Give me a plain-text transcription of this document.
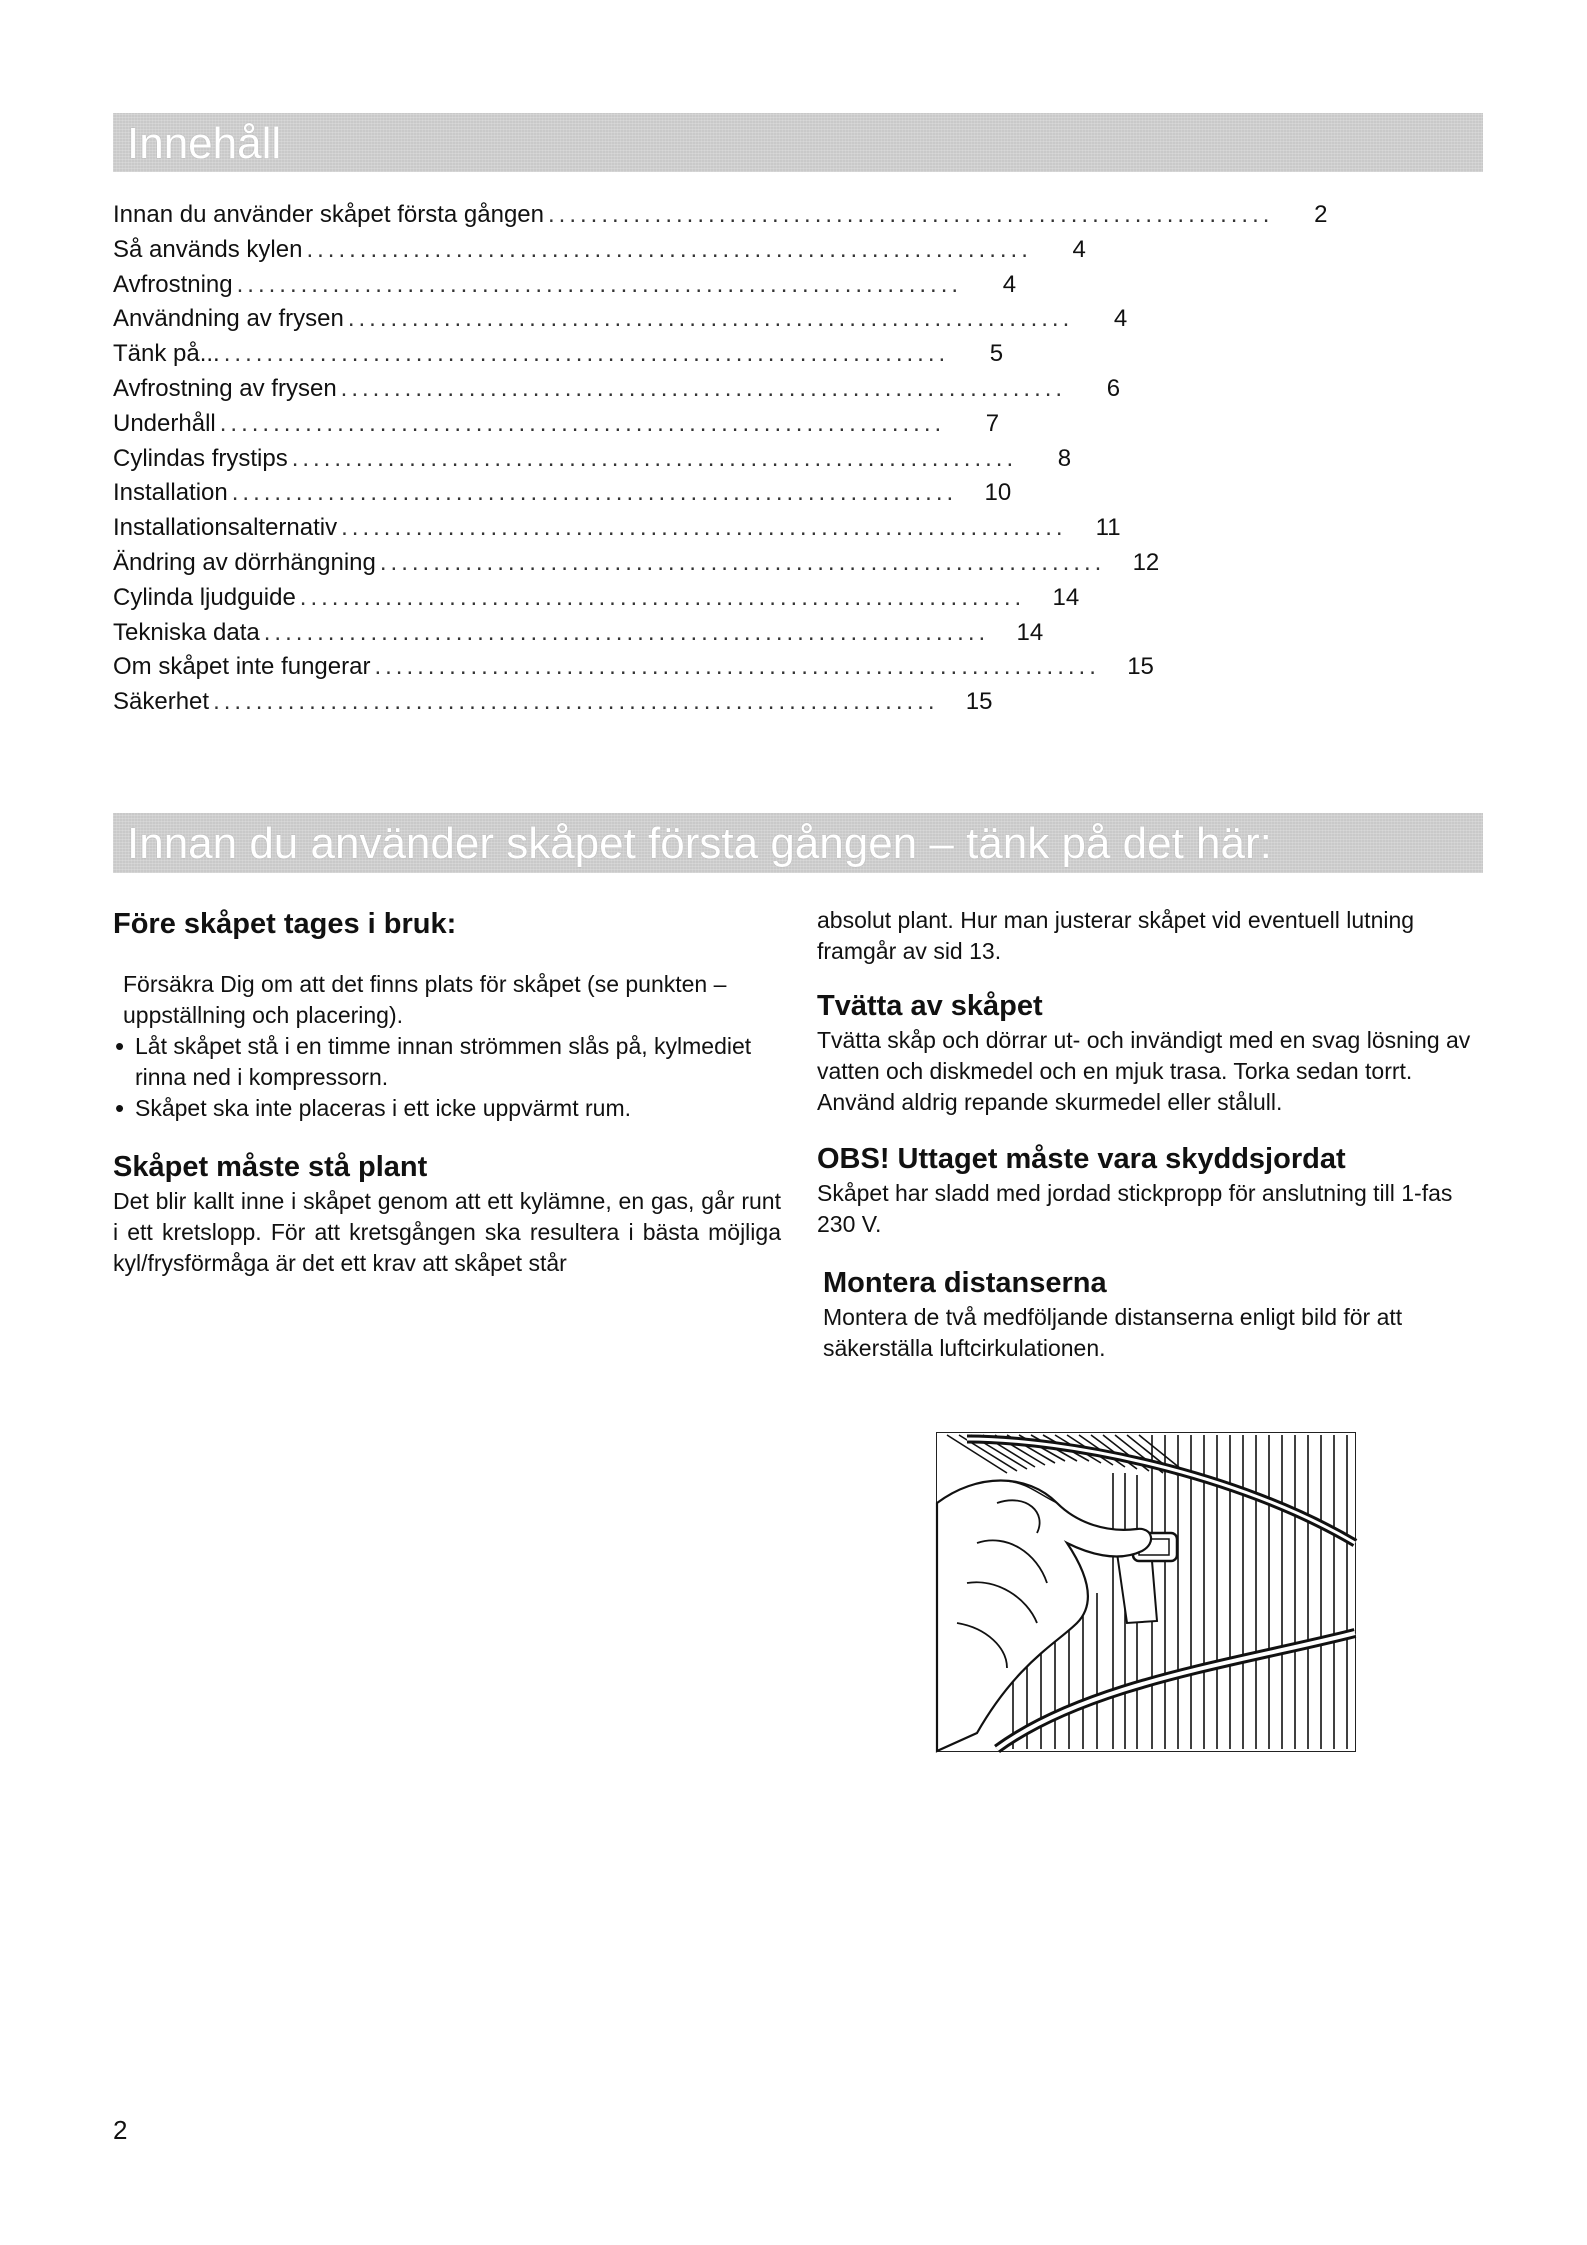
Innehåll
Innan du använder skåpet första gången ....................................................................	2
Så används kylen ....................................................................	4
Avfrostning ....................................................................	4
Användning av frysen ....................................................................	4
Tänk på... ....................................................................	5
Avfrostning av frysen ....................................................................	6
Underhåll ....................................................................	7
Cylindas frystips ....................................................................	8
Installation ....................................................................	10
Installationsalternativ ....................................................................	11
Ändring av dörrhängning ....................................................................	12
Cylinda ljudguide ....................................................................	14
Tekniska data ....................................................................	14
Om skåpet inte fungerar ....................................................................	15
Säkerhet ....................................................................	15
Innan du använder skåpet första gången – tänk på det här:
Före skåpet tages i bruk:

Försäkra Dig om att det finns plats för skåpet (se punkten – uppställning och placering).

• Låt skåpet stå i en timme innan strömmen slås på, kylmediet rinna ned i kompressorn.
• Skåpet ska inte placeras i ett icke uppvärmt rum.
Skåpet måste stå plant

Det blir kallt inne i skåpet genom att ett kylämne, en gas, går runt i ett kretslopp. För att kretsgången ska resultera i bästa möjliga kyl/frysförmåga är det ett krav att skåpet står

absolut plant. Hur man justerar skåpet vid eventuell lutning framgår av sid 13.

Tvätta av skåpet

Tvätta skåp och dörrar ut- och invändigt med en svag lösning av vatten och diskmedel och en mjuk trasa. Torka sedan torrt. Använd aldrig repande skurmedel eller stålull.

OBS! Uttaget måste vara skyddsjordat

Skåpet har sladd med jordad stickpropp för anslutning till 1-fas 230 V.

Montera distanserna

Montera de två medföljande distanserna enligt bild för att säkerställa luftcirkulationen.

2
